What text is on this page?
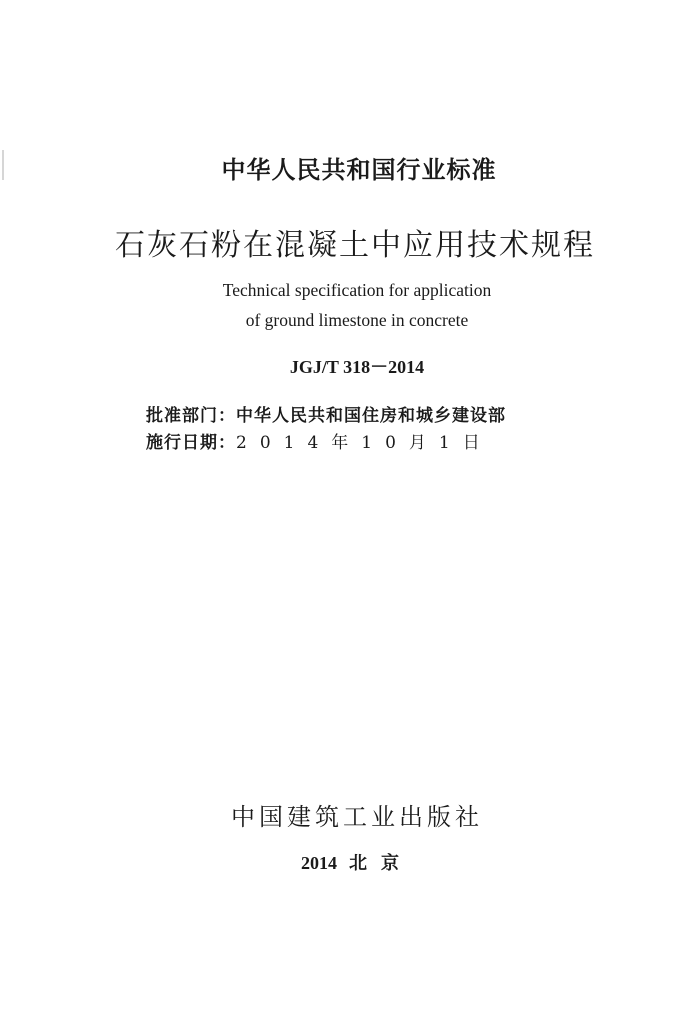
中华人民共和国行业标准
石灰石粉在混凝土中应用技术规程
Technical specification for application
of ground limestone in concrete
JGJ/T 318－2014
批准部门：中华人民共和国住房和城乡建设部
施行日期：2014年10月1日
中国建筑工业出版社
2014 北京
